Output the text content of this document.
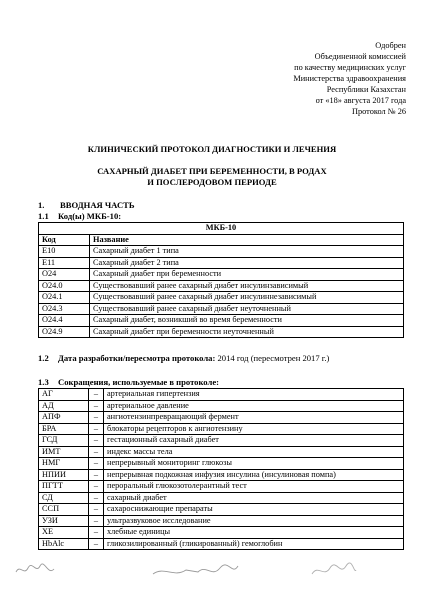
Одобрен
Объединенной комиссией
по качеству медицинских услуг
Министерства здравоохранения
Республики Казахстан
от «18» августа 2017 года
Протокол № 26
КЛИНИЧЕСКИЙ ПРОТОКОЛ ДИАГНОСТИКИ И ЛЕЧЕНИЯ
САХАРНЫЙ ДИАБЕТ ПРИ БЕРЕМЕННОСТИ, В РОДАХ
И ПОСЛЕРОДОВОМ ПЕРИОДЕ
1. ВВОДНАЯ ЧАСТЬ
1.1 Код(ы) МКБ-10:
МКБ-10	
Код	Название
E10	Сахарный диабет 1 типа
E11	Сахарный диабет 2 типа
O24	Сахарный диабет при беременности
O24.0	Существовавший ранее сахарный диабет инсулинзависимый
O24.1	Существовавший ранее сахарный диабет инсулиннезависимый
O24.3	Существовавший ранее сахарный диабет неуточненный
O24.4	Сахарный диабет, возникший во время беременности
O24.9	Сахарный диабет при беременности неуточненный
1.2 Дата разработки/пересмотра протокола: 2014 год (пересмотрен 2017 г.)
1.3 Сокращения, используемые в протоколе:
АГ	–	артериальная гипертензия
АД	–	артериальное давление
АПФ	–	ангиотензинпревращающий фермент
БРА	–	блокаторы рецепторов к ангиотензину
ГСД	–	гестационный сахарный диабет
ИМТ	–	индекс массы тела
НМГ	–	непрерывный мониторинг глюкозы
НПИИ	–	непрерывная подкожная инфузия инсулина (инсулиновая помпа)
ПГТТ	–	пероральный глюкозотолерантный тест
СД	–	сахарный диабет
ССП	–	сахароснижающие препараты
УЗИ	–	ультразвуковое исследование
ХЕ	–	хлебные единицы
HbAlc	–	гликозилированный (гликированный) гемоглобин
